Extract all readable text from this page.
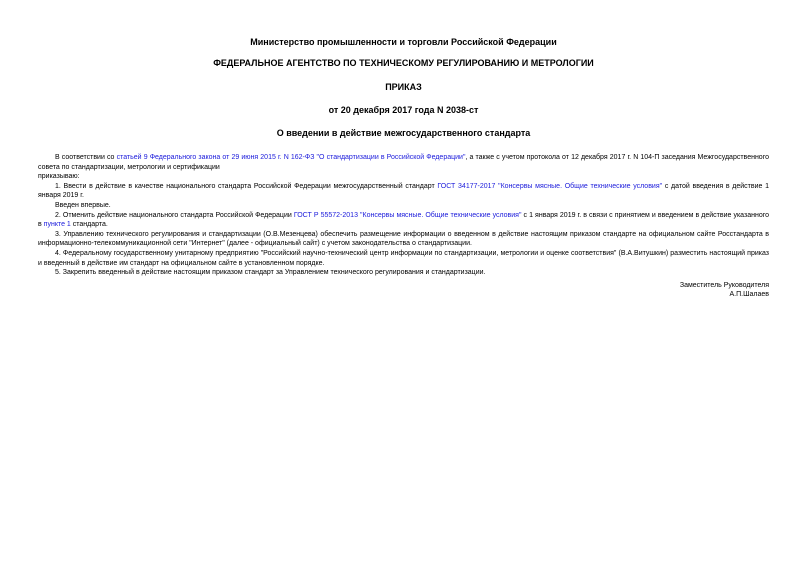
Министерство промышленности и торговли Российской Федерации
ФЕДЕРАЛЬНОЕ АГЕНТСТВО ПО ТЕХНИЧЕСКОМУ РЕГУЛИРОВАНИЮ И МЕТРОЛОГИИ
ПРИКАЗ
от 20 декабря 2017 года N 2038-ст
О введении в действие межгосударственного стандарта

В соответствии со статьей 9 Федерального закона от 29 июня 2015 г. N 162-ФЗ "О стандартизации в Российской Федерации", а также с учетом протокола от 12 декабря 2017 г. N 104-П заседания Межгосударственного совета по стандартизации, метрологии и сертификации

приказываю:

1. Ввести в действие в качестве национального стандарта Российской Федерации межгосударственный стандарт ГОСТ 34177-2017 "Консервы мясные. Общие технические условия" с датой введения в действие 1 января 2019 г.

Введен впервые.

2. Отменить действие национального стандарта Российской Федерации ГОСТ Р 55572-2013 "Консервы мясные. Общие технические условия" с 1 января 2019 г. в связи с принятием и введением в действие указанного в пункте 1 стандарта.

3. Управлению технического регулирования и стандартизации (О.В.Мезенцева) обеспечить размещение информации о введенном в действие настоящим приказом стандарте на официальном сайте Росстандарта в информационно-телекоммуникационной сети "Интернет" (далее - официальный сайт) с учетом законодательства о стандартизации.

4. Федеральному государственному унитарному предприятию "Российский научно-технический центр информации по стандартизации, метрологии и оценке соответствия" (В.А.Витушкин) разместить настоящий приказ и введенный в действие им стандарт на официальном сайте в установленном порядке.

5. Закрепить введенный в действие настоящим приказом стандарт за Управлением технического регулирования и стандартизации.

Заместитель Руководителя
А.П.Шалаев
